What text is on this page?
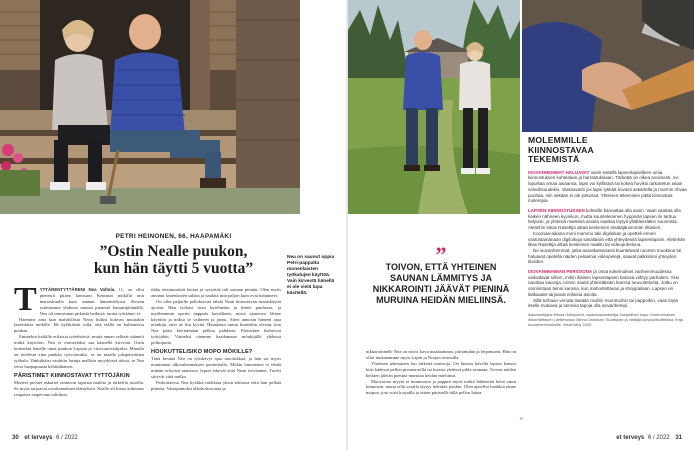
Nea on saunut oppia Petri-pappalta monenlaisten työkalujen käyttöä. Vain kirvestä hänellä ei ole vielä lupa käsitellä.
PETRI HEINONEN, 66, HAAPAMÄKI
”Ostin Nealle puukon,
kun hän täytti 5 vuotta”
T YTTÄRENTYTTÄRENI Nea Valtola, 11, on ollut pienestä pitäen kanssani Keuruun mökillä niin marraskuulla kuin saunan lämmittelyssä. Kerran ystävämme yhdessä saunaa pienestä kummipitämällä. Nea oli innostunut pitkästä heikistä, mutta työtäänvi et.
Haemme aina kun mahdollista Nean lisäksi kolmea muutakin lastenlasta mökille. He kyläkäärät tulla, että täällä on kalenteissa puuhaa.
Emmekin kaikille erilaisia työtehtäviä, mutta annan selkeät säännöt mitkä käyttöön. Nea ei esimerkiksi saa käsitellä kirvestä. Ostin kuitenkin hänelle omat puukon Lapista jo viisivuotislahjaksi. Minulla on mielestä aina puukko työvoimuksi, se on maalla jokapäiväinen työkalu. Vanhiikäisi vauhtiin lastuja mallista myydyissä töissä, se Nea vetoi haapapuusta kehittäkäisen.
PÄRISTIMET KIINNOSTAVAT TYTTÖJÄKIN
Moneet pieluet askarret tanttuvat lapsista mailtta ja tärkeiltä asioilla. Se myös tarjoavat oivaltamuksen elämyksiä. Nealle oli hieno kokemus raapaista taapersina tulitikun.
tikku ensimmäistä kertaa ja syttyttää tuli saunan pesään. Olen myös antanut lastenlasten sahata ja naulata niin paljon kuin ovat halunneet.
On ollut paljaille pallokorvaa tähdä Nean kiinostavan moniskäyttä ajoista. Hän työkäsi itsea kyselmään ja ihmet puuhassa, ja myöhemmin operin nappula kavallinen, mistä ajoneuvo lähtee käyntiin ja miksä se vaihteen ja jarrut. Siten annosin häneen ajaa mönkijä, ettei ne lisä kyytiä. Hauskinta tuntui kuitenkin olevan, kun Nea pääsi kierttämään pelkoa pahdasta. Päristimet kiehtovat tyttöjäkin. Viimeksi otemme kaadamaan mönkijällä yhdessä polttopuita.
HOUKUTTELISIKO MOPO MÖKILLE?
Tänä kesänä Nea on työskävyt ajaa moottikkaa, ja hän sai myös muutaman ulkorakennuksen puomittalla. Mökin huomenna ei tehdä mitään erityistä numeroa, lapset tekevät siitä Nean isovhanen. Tuolet sittyvät siitä melko.
Parhoitaessa Nea hyökkä mökkiaa yksin tehtassa eikä hän pelkää pimeää. Vastapainoksi alkoholiosottaa ja
30 et terveys 6 / 2022
MOLEMMILLE
KIINNOSTAVAA
TEKEMISTÄ
ISOVANHEMMAT HALUAVAT usein esitellä lapsenlapselleen omia kiinnostuksen kohteitaan ja harrastuksiaan. Tärkeää on olkea avoimesti, ovi lopuiltaa omaa asiaansa, lapsi voi kyllästyä tai kokea huviksi tarkoitetun asian velvollisuudeksi. Vastaavasti jos lapsi tykkää kovasti askartella ja murmin nhvaa puuhaa, niin sekään ei ole pakossa. Yhteisen tekemisen pitää kiinnostaa molempia.
LAPSEN KIINNOSTUKSEN kohteille kannattaa olla avoin. Vaari saattaa olla kaiken nähneen kyynikon, mutta kuunteleminen hyppivän lapsen ilo tarttuu helposti, ja yhteisiä mieleisiä asioita saattaa löytyä yllättävistäkin suunnista. Aletinhin lokas Rasettija alkaä keskeinen etsätäjärvimmän riltasieri.
Koronaa-aikana moni mummo taki digiloikan ja opetteli ennen vastustamanaan digiloikoja sasalaisiin että yhteydessä lapsenlapsiin. Aletinhän likas Rasettija alkaä keskeinen naalitu tai videopuheluna.
Ne isovanhemmat, jotka avarakatseisesti kuuntelevat nuorten muoktioa tai haluavat opetella näiden pelaamia videopelejä, saavat palkkioksi yhteyden tiiviiden.
ISOVANHEMMAN PERSOONA ja omat kokemukset vanhemmuudessa vaikuttavat siihen, mihin ikäisen lapsenlapsen kanssa viihtyy parhaiten. Yksi nauttiaa vauvoja, toinen nauttii yhteisläisten kanssa neuvottelusta. Jotku on ommiintaan teinin kanssa, kun mahostettavan ja shoppailaan. Lapsen eri ikäkaudet tarjoavat erilaisia asioita.
Sillä turhaan verrata itseään muihin mummoihin tai pappoihin, vaan löytä itselle mukavia ja toimivia tapoja olla isovanhempi.
Asiantuntijana Minna Gullsmand, vastuutasiantuntija Suhjalahan sopu: Kommonaisen rikkomilittasen Liiettevoissu Minna Ostomari: Suuttopan ja väitöjät suhpuolisuhteissa, Kirja isovanhemmuksille. Viesti kilby 2020.
”
TOIVON, ETTÄ YHTEINEN SAUNAN LÄMMITYS JA NIKKAROINTI JÄÄVÄT PIENINÄ MURUINA HEIDÄN MIELIINSÄ.
nikkaroinnelle Nea on myös kova maalaamaan, piirtämään ja leipomaan. Hän on ollut mukanamme myös Lapin ja Norjan reissuilla.
Yhteinen tekeminen luo tärkeitä muistoja. On hienoa käveltä lapsen kanssa kiiri kädessä pellon piennarreilla tai kurtsia yhdessä pihla saunaan. Toivon näiden hetkien jäävän pieninä muruina heidän mieliinsä.
Muovoitaa myytä ei mummoon ja pappan myös mitkä lähteneitä heitä omin kinnoisin, mutta sillä varalla täytyy kehittää jotakin. Olen ajatellut hankkia tänne mopon, jota voisi korjailla ja ottein päristellä tällä pellon laitaa.
»
et terveys 6 / 2022 31
